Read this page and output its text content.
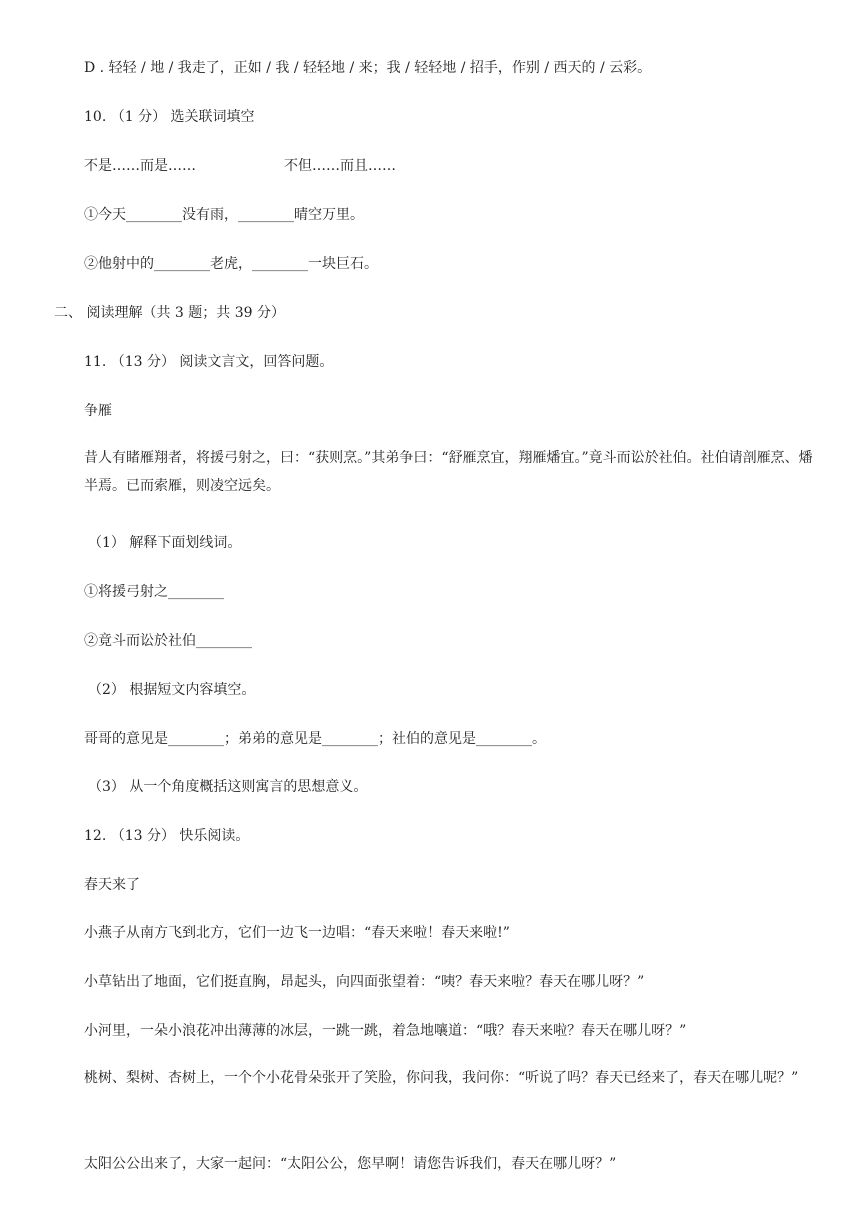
D . 轻轻 / 地 / 我走了，正如 / 我 / 轻轻地 / 来；我 / 轻轻地 / 招手，作别 / 西天的 / 云彩。
10. （1 分） 选关联词填空
不是……而是……	不但……而且……
①今天________没有雨，________晴空万里。
②他射中的________老虎，________一块巨石。
二、 阅读理解（共 3 题；共 39 分）
11. （13 分） 阅读文言文，回答问题。
争雁
昔人有睹雁翔者，将援弓射之，曰：“获则烹。”其弟争曰：“舒雁烹宜，翔雁燔宜。”竟斗而讼於社伯。社伯请剖雁烹、燔半焉。已而索雁，则凌空远矣。
（1） 解释下面划线词。
①将援弓射之________
②竟斗而讼於社伯________
（2） 根据短文内容填空。
哥哥的意见是________；弟弟的意见是________；社伯的意见是________。
（3） 从一个角度概括这则寓言的思想意义。
12. （13 分） 快乐阅读。
春天来了
小燕子从南方飞到北方，它们一边飞一边唱：“春天来啦！春天来啦!”
小草钻出了地面，它们挺直胸，昂起头，向四面张望着：“咦？春天来啦？春天在哪儿呀？”
小河里，一朵小浪花冲出薄薄的冰层，一跳一跳，着急地嚷道：“哦？春天来啦？春天在哪儿呀？”
桃树、梨树、杏树上，一个个小花骨朵张开了笑脸，你问我，我问你：“听说了吗？春天已经来了，春天在哪儿呢？”
太阳公公出来了，大家一起问：“太阳公公，您早啊！请您告诉我们，春天在哪儿呀？”
